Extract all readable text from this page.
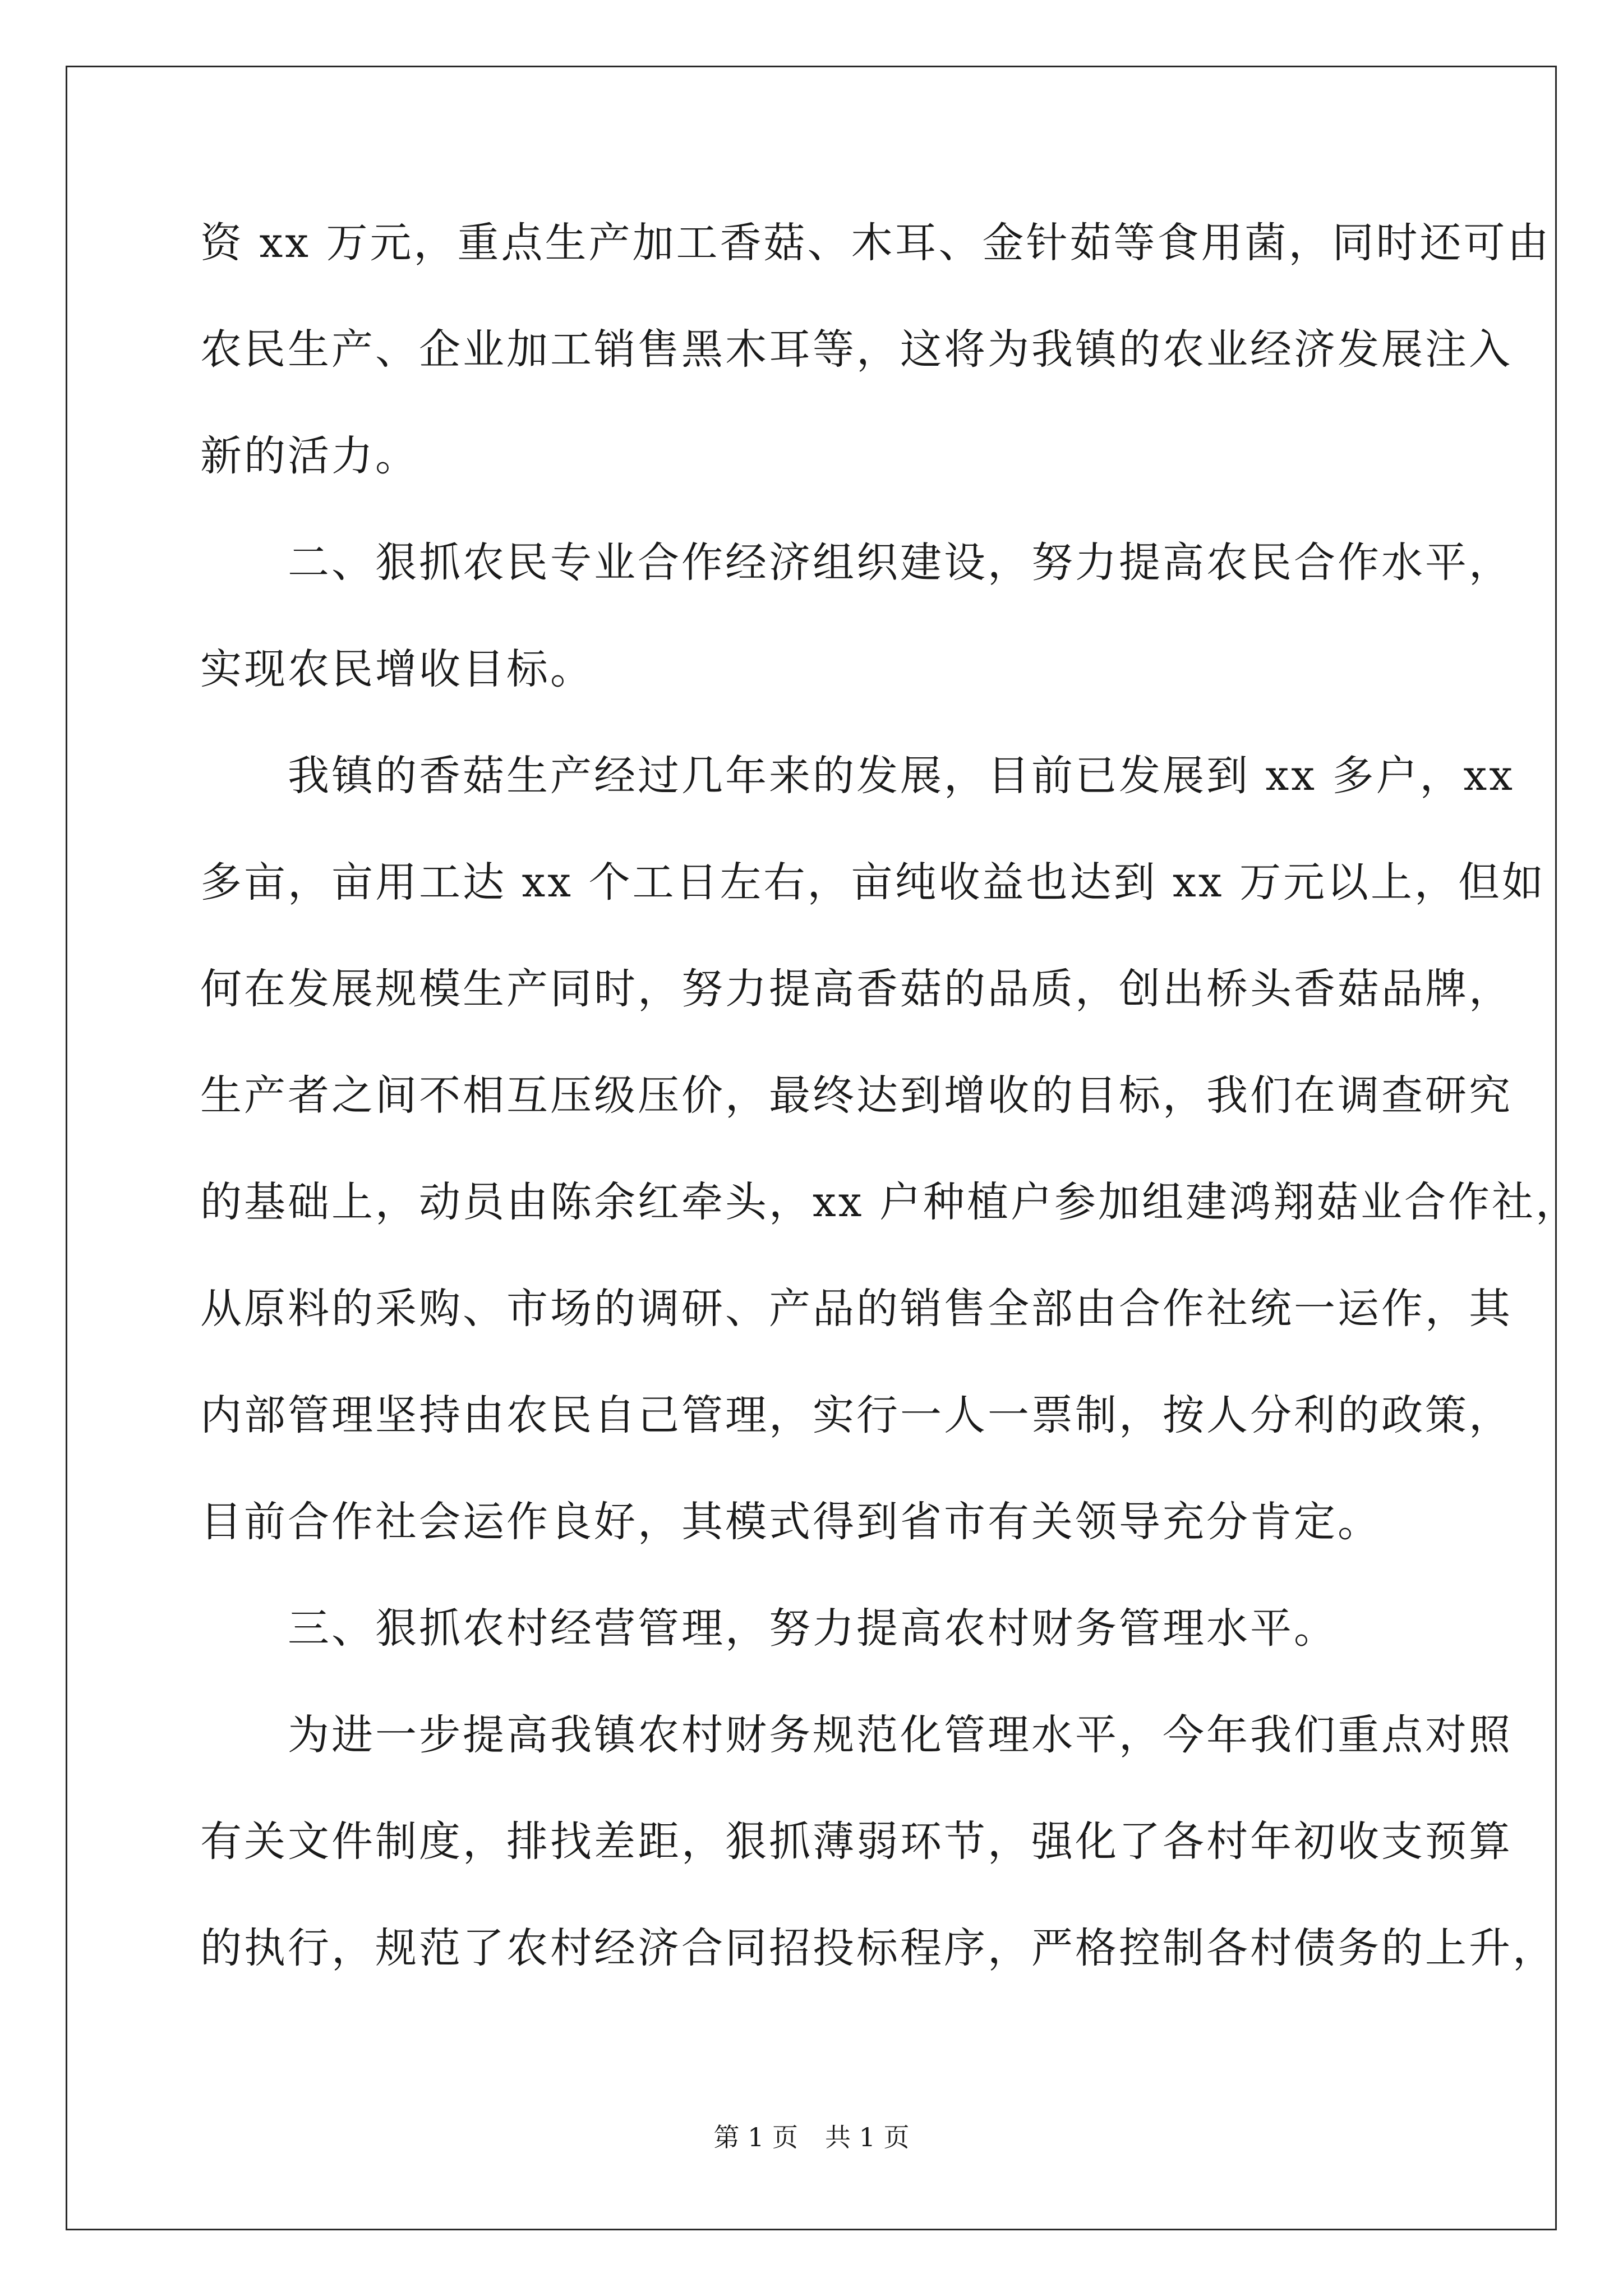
资 xx 万元，重点生产加工香菇、木耳、金针茹等食用菌，同时还可由
农民生产、企业加工销售黑木耳等，这将为我镇的农业经济发展注入
新的活力。
　　二、狠抓农民专业合作经济组织建设，努力提高农民合作水平，
实现农民增收目标。
　　我镇的香菇生产经过几年来的发展，目前已发展到 xx 多户，xx
多亩，亩用工达 xx 个工日左右，亩纯收益也达到 xx 万元以上，但如
何在发展规模生产同时，努力提高香菇的品质，创出桥头香菇品牌，
生产者之间不相互压级压价，最终达到增收的目标，我们在调查研究
的基础上，动员由陈余红牵头，xx 户种植户参加组建鸿翔菇业合作社，
从原料的采购、市场的调研、产品的销售全部由合作社统一运作，其
内部管理坚持由农民自己管理，实行一人一票制，按人分利的政策，
目前合作社会运作良好，其模式得到省市有关领导充分肯定。
　　三、狠抓农村经营管理，努力提高农村财务管理水平。
　　为进一步提高我镇农村财务规范化管理水平，今年我们重点对照
有关文件制度，排找差距，狠抓薄弱环节，强化了各村年初收支预算
的执行，规范了农村经济合同招投标程序，严格控制各村债务的上升，
第 1 页 共 1 页
